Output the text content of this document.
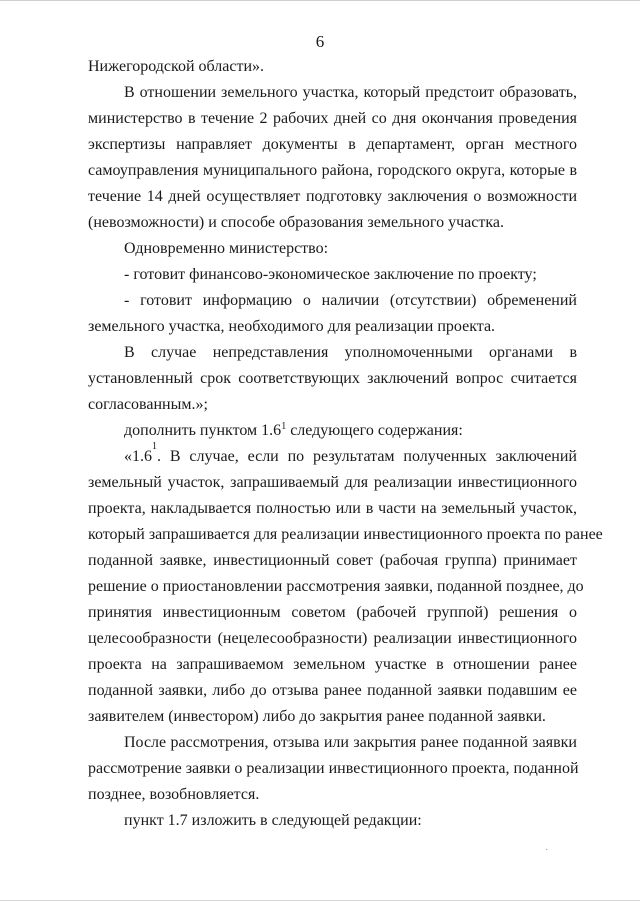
6
Нижегородской области».
В отношении земельного участка, который предстоит образовать,
министерство в течение 2 рабочих дней со дня окончания проведения
экспертизы направляет документы в департамент, орган местного
самоуправления муниципального района, городского округа, которые в
течение 14 дней осуществляет подготовку заключения о возможности
(невозможности) и способе образования земельного участка.
Одновременно министерство:
- готовит финансово-экономическое заключение по проекту;
- готовит информацию о наличии (отсутствии) обременений
земельного участка, необходимого для реализации проекта.
В случае непредставления уполномоченными органами в
установленный срок соответствующих заключений вопрос считается
согласованным.»;
дополнить пунктом $1.6^1$ следующего содержания:
«1.6
1
. В случае, если по результатам полученных заключений
земельный участок, запрашиваемый для реализации инвестиционного
проекта, накладывается полностью или в части на земельный участок,
который запрашивается для реализации инвестиционного проекта по ранее
поданной заявке, инвестиционный совет (рабочая группа) принимает
решение о приостановлении рассмотрения заявки, поданной позднее, до
принятия инвестиционным советом (рабочей группой) решения о
целесообразности (нецелесообразности) реализации инвестиционного
проекта на запрашиваемом земельном участке в отношении ранее
поданной заявки, либо до отзыва ранее поданной заявки подавшим ее
заявителем (инвестором) либо до закрытия ранее поданной заявки.
После рассмотрения, отзыва или закрытия ранее поданной заявки
рассмотрение заявки о реализации инвестиционного проекта, поданной
позднее, возобновляется.
пункт 1.7 изложить в следующей редакции:
·
